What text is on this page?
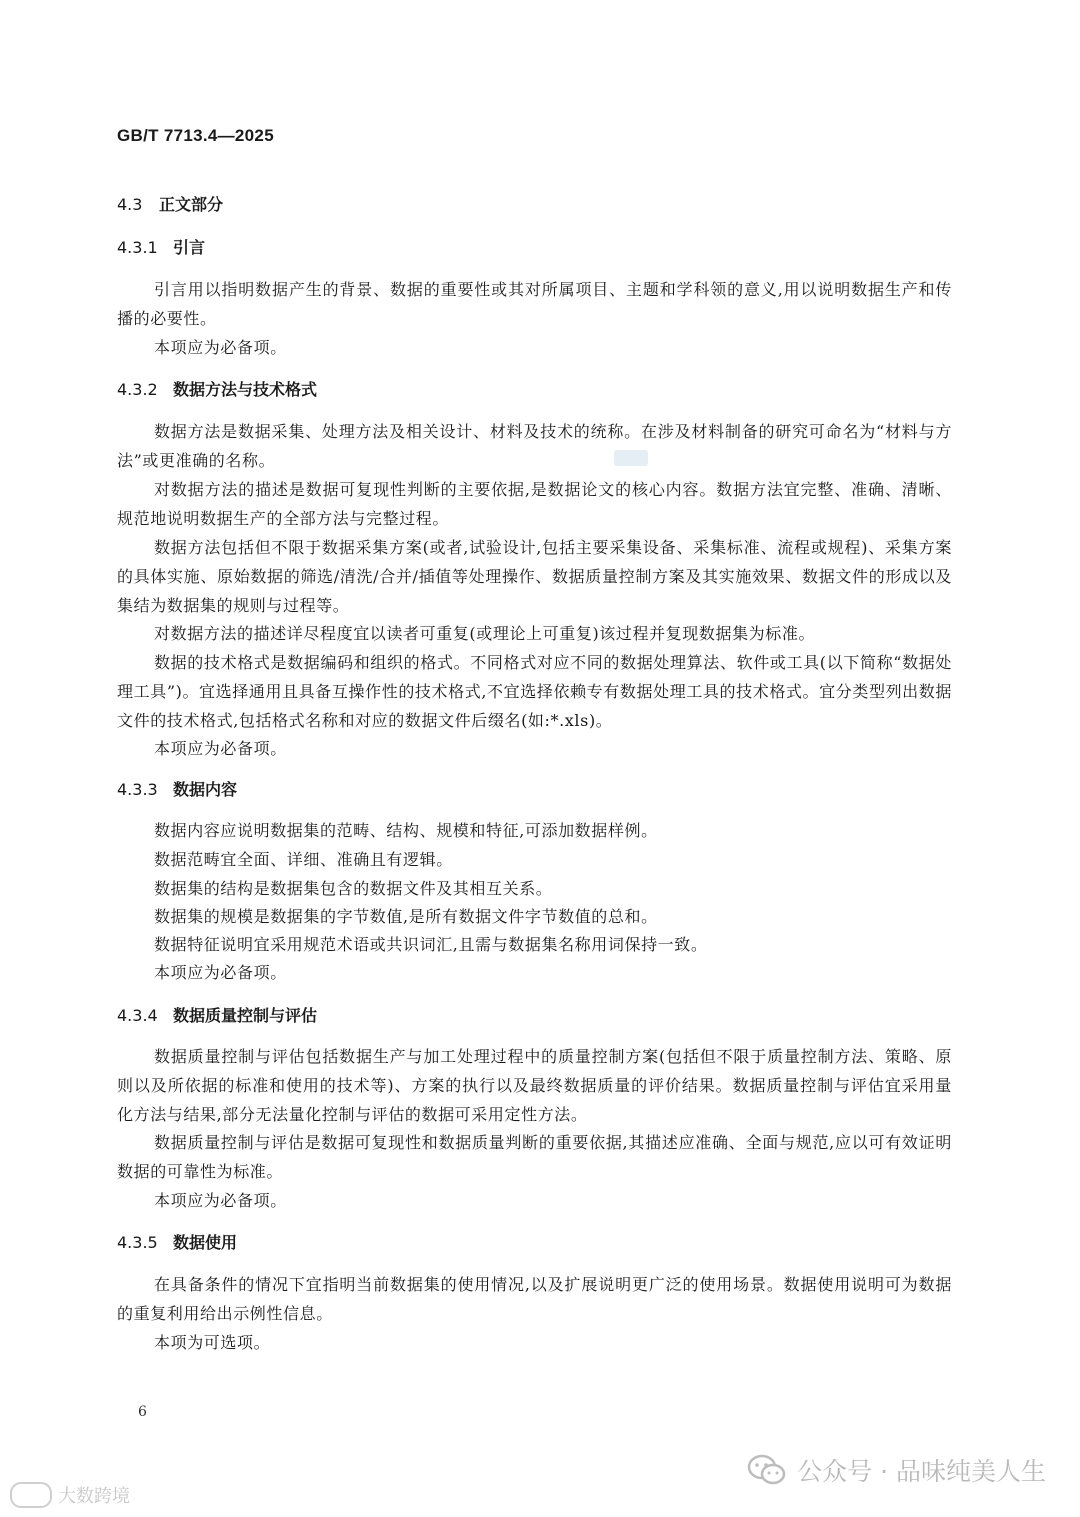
GB/T 7713.4—2025
4.3 正文部分
4.3.1 引言
引言用以指明数据产生的背景、数据的重要性或其对所属项目、主题和学科领的意义,用以说明数据生产和传播的必要性。
本项应为必备项。
4.3.2 数据方法与技术格式
数据方法是数据采集、处理方法及相关设计、材料及技术的统称。在涉及材料制备的研究可命名为“材料与方法”或更准确的名称。
对数据方法的描述是数据可复现性判断的主要依据,是数据论文的核心内容。数据方法宜完整、准确、清晰、规范地说明数据生产的全部方法与完整过程。
数据方法包括但不限于数据采集方案(或者,试验设计,包括主要采集设备、采集标准、流程或规程)、采集方案的具体实施、原始数据的筛选/清洗/合并/插值等处理操作、数据质量控制方案及其实施效果、数据文件的形成以及集结为数据集的规则与过程等。
对数据方法的描述详尽程度宜以读者可重复(或理论上可重复)该过程并复现数据集为标准。
数据的技术格式是数据编码和组织的格式。不同格式对应不同的数据处理算法、软件或工具(以下简称“数据处理工具”)。宜选择通用且具备互操作性的技术格式,不宜选择依赖专有数据处理工具的技术格式。宜分类型列出数据文件的技术格式,包括格式名称和对应的数据文件后缀名(如:*.xls)。
本项应为必备项。
4.3.3 数据内容
数据内容应说明数据集的范畴、结构、规模和特征,可添加数据样例。
数据范畴宜全面、详细、准确且有逻辑。
数据集的结构是数据集包含的数据文件及其相互关系。
数据集的规模是数据集的字节数值,是所有数据文件字节数值的总和。
数据特征说明宜采用规范术语或共识词汇,且需与数据集名称用词保持一致。
本项应为必备项。
4.3.4 数据质量控制与评估
数据质量控制与评估包括数据生产与加工处理过程中的质量控制方案(包括但不限于质量控制方法、策略、原则以及所依据的标准和使用的技术等)、方案的执行以及最终数据质量的评价结果。数据质量控制与评估宜采用量化方法与结果,部分无法量化控制与评估的数据可采用定性方法。
数据质量控制与评估是数据可复现性和数据质量判断的重要依据,其描述应准确、全面与规范,应以可有效证明数据的可靠性为标准。
本项应为必备项。
4.3.5 数据使用
在具备条件的情况下宜指明当前数据集的使用情况,以及扩展说明更广泛的使用场景。数据使用说明可为数据的重复利用给出示例性信息。
本项为可选项。
6
大数跨境
公众号 · 品味纯美人生
